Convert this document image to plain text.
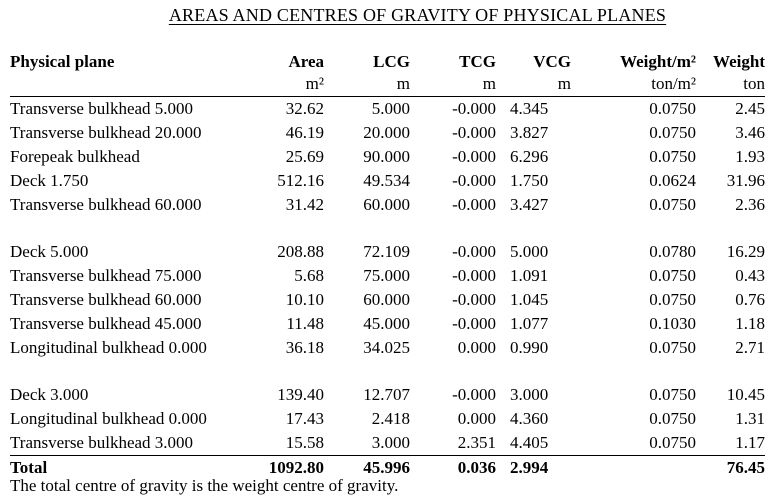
AREAS AND CENTRES OF GRAVITY OF PHYSICAL PLANES
Physical plane	Area	LCG	TCG	VCG	Weight/m²	Weight
	m²	m	m	m	ton/m²	ton
Transverse bulkhead 5.000	32.62	5.000	-0.000	4.345	0.0750	2.45
Transverse bulkhead 20.000	46.19	20.000	-0.000	3.827	0.0750	3.46
Forepeak bulkhead	25.69	90.000	-0.000	6.296	0.0750	1.93
Deck 1.750	512.16	49.534	-0.000	1.750	0.0624	31.96
Transverse bulkhead 60.000	31.42	60.000	-0.000	3.427	0.0750	2.36

Deck 5.000	208.88	72.109	-0.000	5.000	0.0780	16.29
Transverse bulkhead 75.000	5.68	75.000	-0.000	1.091	0.0750	0.43
Transverse bulkhead 60.000	10.10	60.000	-0.000	1.045	0.0750	0.76
Transverse bulkhead 45.000	11.48	45.000	-0.000	1.077	0.1030	1.18
Longitudinal bulkhead 0.000	36.18	34.025	0.000	0.990	0.0750	2.71

Deck 3.000	139.40	12.707	-0.000	3.000	0.0750	10.45
Longitudinal bulkhead 0.000	17.43	2.418	0.000	4.360	0.0750	1.31
Transverse bulkhead 3.000	15.58	3.000	2.351	4.405	0.0750	1.17
Total	1092.80	45.996	0.036	2.994		76.45
The total centre of gravity is the weight centre of gravity.
